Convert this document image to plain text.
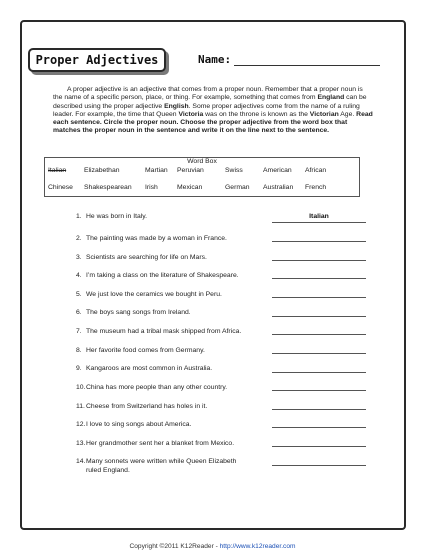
Proper Adjectives	Name:
A proper adjective is an adjective that comes from a proper noun. Remember that a proper noun is the name of a specific person, place, or thing. For example, something that comes from England can be described using the proper adjective English. Some proper adjectives come from the name of a ruling leader. For example, the time that Queen Victoria was on the throne is known as the Victorian Age. Read each sentence. Circle the proper noun. Choose the proper adjective from the word box that matches the proper noun in the sentence and write it on the line next to the sentence.
Word Box
Italian	Elizabethan	Martian Peruvian	Swiss	American African
Chinese Shakespearean Irish	Mexican	German Australian French
1. He was born in Italy.	Italian
2. The painting was made by a woman in France.
3. Scientists are searching for life on Mars.
4. I’m taking a class on the literature of Shakespeare.
5. We just love the ceramics we bought in Peru.
6. The boys sang songs from Ireland.
7. The museum had a tribal mask shipped from Africa.
8. Her favorite food comes from Germany.
9. Kangaroos are most common in Australia.
10.China has more people than any other country.
11.Cheese from Switzerland has holes in it.
12.I love to sing songs about America.
13.Her grandmother sent her a blanket from Mexico.
14.Many sonnets were written while Queen Elizabeth
ruled England.
Copyright ©2011 K12Reader - http://www.k12reader.com
